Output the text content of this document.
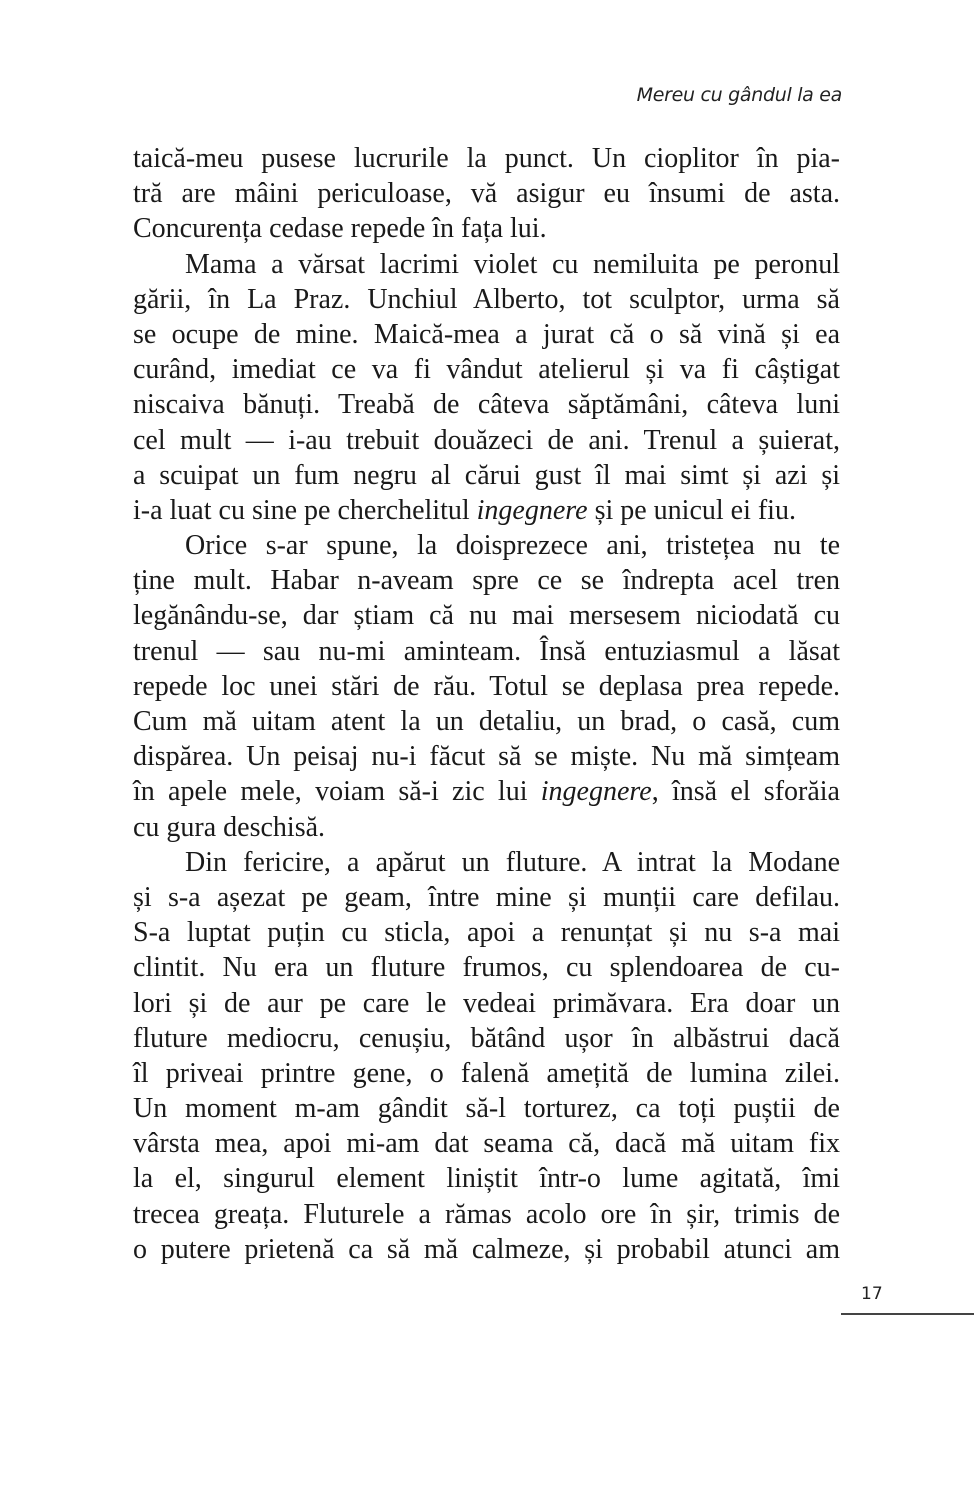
Mereu cu gândul la ea
taică-meu pusese lucrurile la punct. Un cioplitor în pia-
tră are mâini periculoase, vă asigur eu însumi de asta.
Concurența cedase repede în fața lui.
Mama a vărsat lacrimi violet cu nemiluita pe peronul
gării, în La Praz. Unchiul Alberto, tot sculptor, urma să
se ocupe de mine. Maică-mea a jurat că o să vină și ea
curând, imediat ce va fi vândut atelierul și va fi câștigat
niscaiva bănuți. Treabă de câteva săptămâni, câteva luni
cel mult — i-au trebuit douăzeci de ani. Trenul a șuierat,
a scuipat un fum negru al cărui gust îl mai simt și azi și
i-a luat cu sine pe cherchelitul ingegnere și pe unicul ei fiu.
Orice s-ar spune, la doisprezece ani, tristețea nu te
ține mult. Habar n-aveam spre ce se îndrepta acel tren
legănându-se, dar știam că nu mai mersesem niciodată cu
trenul — sau nu-mi aminteam. Însă entuziasmul a lăsat
repede loc unei stări de rău. Totul se deplasa prea repede.
Cum mă uitam atent la un detaliu, un brad, o casă, cum
dispărea. Un peisaj nu-i făcut să se miște. Nu mă simțeam
în apele mele, voiam să-i zic lui ingegnere, însă el sforăia
cu gura deschisă.
Din fericire, a apărut un fluture. A intrat la Modane
și s-a așezat pe geam, între mine și munții care defilau.
S-a luptat puțin cu sticla, apoi a renunțat și nu s-a mai
clintit. Nu era un fluture frumos, cu splendoarea de cu-
lori și de aur pe care le vedeai primăvara. Era doar un
fluture mediocru, cenușiu, bătând ușor în albăstrui dacă
îl priveai printre gene, o falenă amețită de lumina zilei.
Un moment m-am gândit să-l torturez, ca toți puștii de
vârsta mea, apoi mi-am dat seama că, dacă mă uitam fix
la el, singurul element liniștit într-o lume agitată, îmi
trecea greața. Fluturele a rămas acolo ore în șir, trimis de
o putere prietenă ca să mă calmeze, și probabil atunci am
17
